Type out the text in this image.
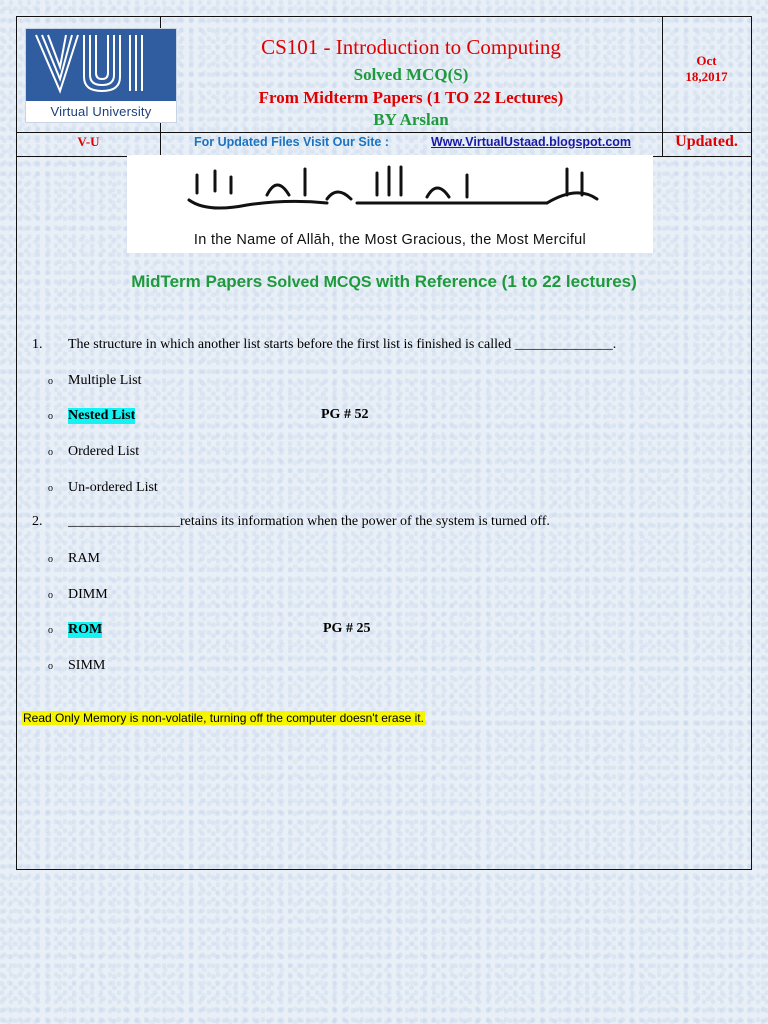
Virtual University
CS101 - Introduction to Computing
Solved MCQ(S)
From Midterm Papers (1 TO 22 Lectures)
BY Arslan
Oct
18,2017
V-U	For Updated Files Visit Our Site :	Www.VirtualUstaad.blogspot.com	Updated.
بسم الله الرحمن الرحيم
In the Name of Allāh, the Most Gracious, the Most Merciful
MidTerm Papers Solved MCQS with Reference (1 to 22 lectures)
1. The structure in which another list starts before the first list is finished is called ______________.
o Multiple List
o Nested List	PG # 52
o Ordered List
o Un-ordered List
2. ________________retains its information when the power of the system is turned off.
o RAM
o DIMM
o ROM	PG # 25
o SIMM
Read Only Memory is non-volatile, turning off the computer doesn't erase it.
